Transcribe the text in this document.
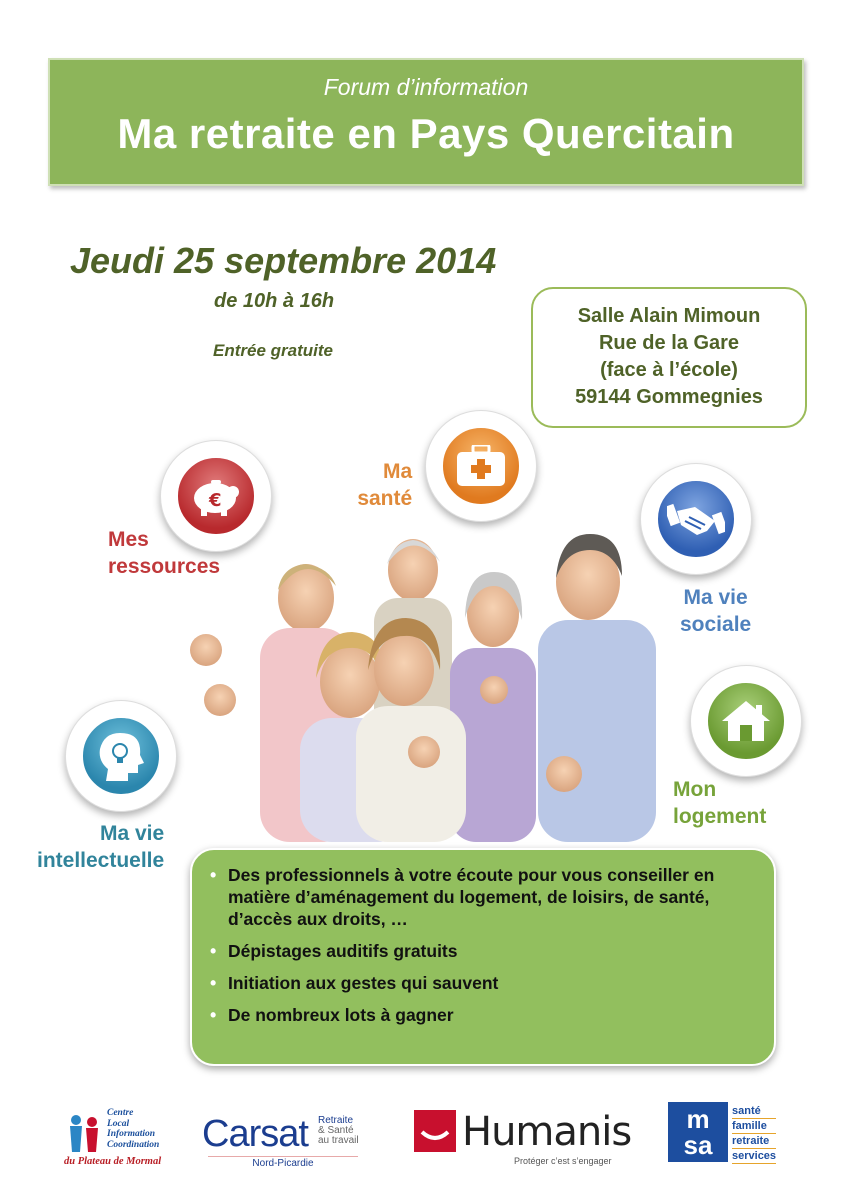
Forum d’information
Ma retraite en Pays Quercitain
Jeudi 25 septembre 2014
de 10h à 16h
Entrée gratuite
Salle Alain Mimoun
Rue de la Gare
(face à l’école)
59144 Gommegnies
€
Mes
ressources
Ma
santé
Ma vie
sociale
Mon
logement
Ma vie
intellectuelle
• Des professionnels à votre écoute pour vous conseiller en matière d’aménagement du logement, de loisirs, de santé, d’accès aux droits, …
• Dépistages auditifs gratuits
• Initiation aux gestes qui sauvent
• De nombreux lots à gagner
Centre
Local
Information
Coordination
du Plateau de Mormal
Carsat Retraite
& Santé
au travail
Nord-Picardie
Humanis
Protéger c’est s’engager
m
sa
santé
famille
retraite
services
